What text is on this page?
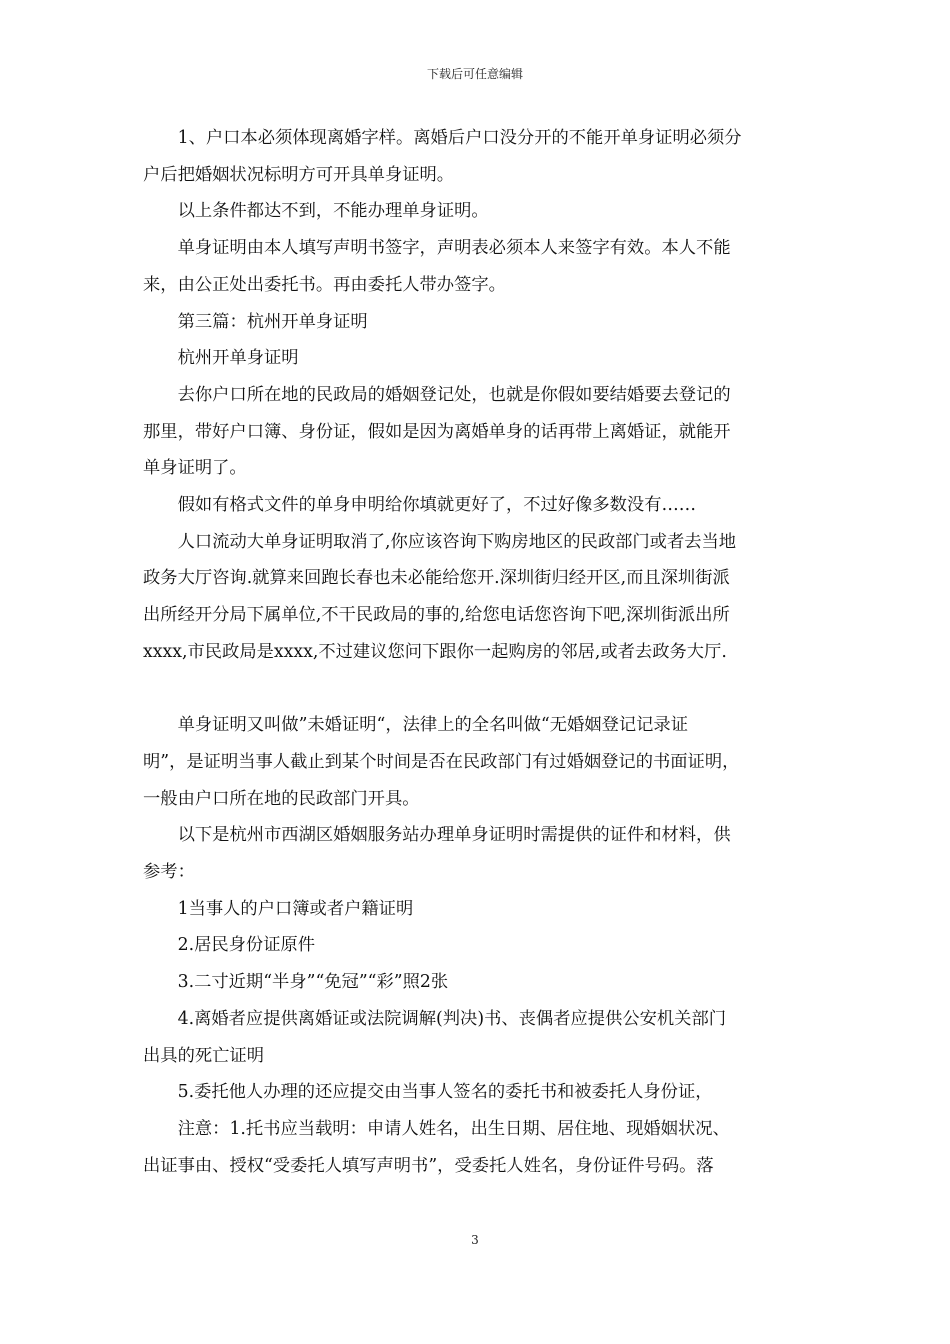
下载后可任意编辑

1、户口本必须体现离婚字样。离婚后户口没分开的不能开单身证明必须分
户后把婚姻状况标明方可开具单身证明。

以上条件都达不到，不能办理单身证明。

单身证明由本人填写声明书签字，声明表必须本人来签字有效。本人不能
来，由公正处出委托书。再由委托人带办签字。

第三篇：杭州开单身证明

杭州开单身证明

去你户口所在地的民政局的婚姻登记处，也就是你假如要结婚要去登记的
那里，带好户口簿、身份证，假如是因为离婚单身的话再带上离婚证，就能开
单身证明了。

假如有格式文件的单身申明给你填就更好了，不过好像多数没有……

人口流动大单身证明取消了,你应该咨询下购房地区的民政部门或者去当地
政务大厅咨询.就算来回跑长春也未必能给您开.深圳街归经开区,而且深圳街派
出所经开分局下属单位,不干民政局的事的,给您电话您咨询下吧,深圳街派出所
xxxx,市民政局是xxxx,不过建议您问下跟你一起购房的邻居,或者去政务大厅.

单身证明又叫做”未婚证明“，法律上的全名叫做“无婚姻登记记录证
明”，是证明当事人截止到某个时间是否在民政部门有过婚姻登记的书面证明，
一般由户口所在地的民政部门开具。

以下是杭州市西湖区婚姻服务站办理单身证明时需提供的证件和材料，供
参考：

1当事人的户口簿或者户籍证明

2.居民身份证原件

3.二寸近期“半身”“免冠”“彩”照2张

4.离婚者应提供离婚证或法院调解(判决)书、丧偶者应提供公安机关部门
出具的死亡证明

5.委托他人办理的还应提交由当事人签名的委托书和被委托人身份证，

注意：1.托书应当载明：申请人姓名，出生日期、居住地、现婚姻状况、
出证事由、授权“受委托人填写声明书”，受委托人姓名，身份证件号码。落

3
